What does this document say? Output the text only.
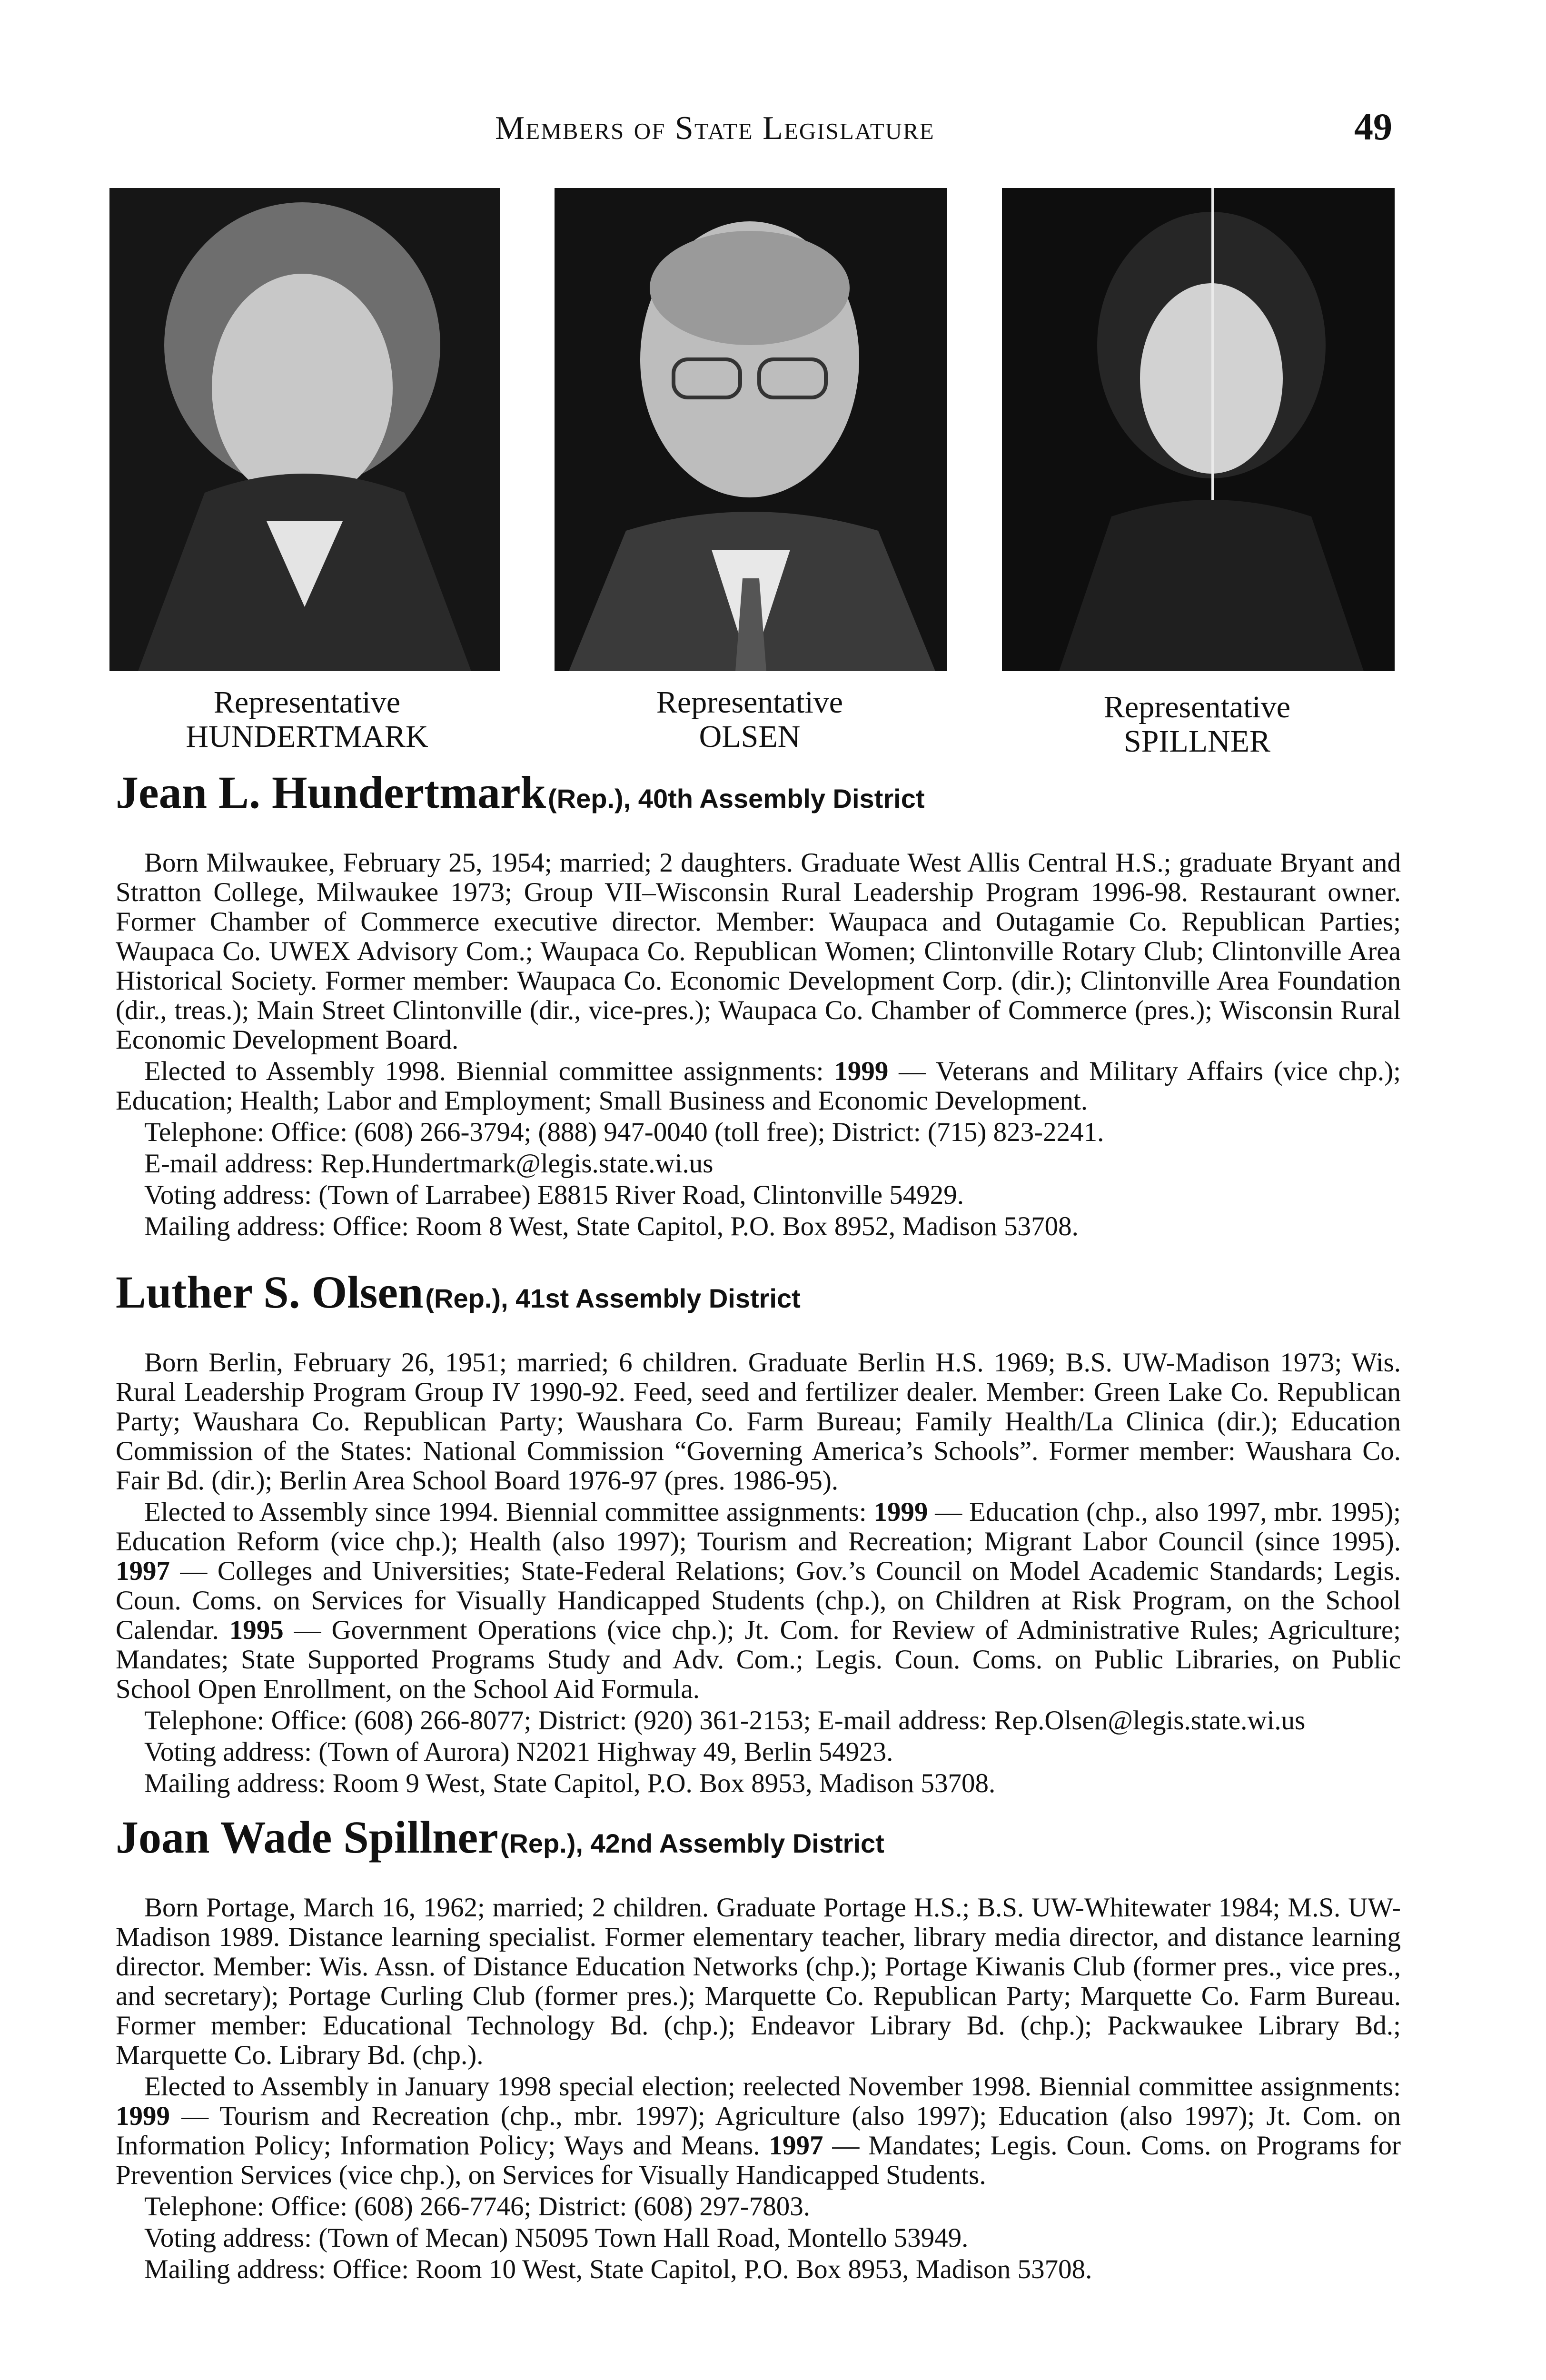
Members of State Legislature	49
Representative
HUNDERTMARK
Representative
OLSEN
Representative
SPILLNER
Jean L. Hundertmark (Rep.), 40th Assembly District

Born Milwaukee, February 25, 1954; married; 2 daughters. Graduate West Allis Central H.S.; graduate Bryant and Stratton College, Milwaukee 1973; Group VII–Wisconsin Rural Leadership Program 1996-98. Restaurant owner. Former Chamber of Commerce executive director. Member: Waupaca and Outagamie Co. Republican Parties; Waupaca Co. UWEX Advisory Com.; Waupaca Co. Republican Women; Clintonville Rotary Club; Clintonville Area Historical Society. Former member: Waupaca Co. Economic Development Corp. (dir.); Clintonville Area Foundation (dir., treas.); Main Street Clintonville (dir., vice-pres.); Waupaca Co. Chamber of Commerce (pres.); Wisconsin Rural Economic Development Board.

Elected to Assembly 1998. Biennial committee assignments: 1999 — Veterans and Military Affairs (vice chp.); Education; Health; Labor and Employment; Small Business and Economic Development.

Telephone: Office: (608) 266-3794; (888) 947-0040 (toll free); District: (715) 823-2241.

E-mail address: Rep.Hundertmark@legis.state.wi.us

Voting address: (Town of Larrabee) E8815 River Road, Clintonville 54929.

Mailing address: Office: Room 8 West, State Capitol, P.O. Box 8952, Madison 53708.

Luther S. Olsen (Rep.), 41st Assembly District

Born Berlin, February 26, 1951; married; 6 children. Graduate Berlin H.S. 1969; B.S. UW-Madison 1973; Wis. Rural Leadership Program Group IV 1990-92. Feed, seed and fertilizer dealer. Member: Green Lake Co. Republican Party; Waushara Co. Republican Party; Waushara Co. Farm Bureau; Family Health/La Clinica (dir.); Education Commission of the States: National Commission “Governing America’s Schools”. Former member: Waushara Co. Fair Bd. (dir.); Berlin Area School Board 1976-97 (pres. 1986-95).

Elected to Assembly since 1994. Biennial committee assignments: 1999 — Education (chp., also 1997, mbr. 1995); Education Reform (vice chp.); Health (also 1997); Tourism and Recreation; Migrant Labor Council (since 1995). 1997 — Colleges and Universities; State-Federal Relations; Gov.’s Council on Model Academic Standards; Legis. Coun. Coms. on Services for Visually Handicapped Students (chp.), on Children at Risk Program, on the School Calendar. 1995 — Government Operations (vice chp.); Jt. Com. for Review of Administrative Rules; Agriculture; Mandates; State Supported Programs Study and Adv. Com.; Legis. Coun. Coms. on Public Libraries, on Public School Open Enrollment, on the School Aid Formula.

Telephone: Office: (608) 266-8077; District: (920) 361-2153; E-mail address: Rep.Olsen@legis.state.wi.us

Voting address: (Town of Aurora) N2021 Highway 49, Berlin 54923.

Mailing address: Room 9 West, State Capitol, P.O. Box 8953, Madison 53708.

Joan Wade Spillner (Rep.), 42nd Assembly District

Born Portage, March 16, 1962; married; 2 children. Graduate Portage H.S.; B.S. UW-Whitewater 1984; M.S. UW-Madison 1989. Distance learning specialist. Former elementary teacher, library media director, and distance learning director. Member: Wis. Assn. of Distance Education Networks (chp.); Portage Kiwanis Club (former pres., vice pres., and secretary); Portage Curling Club (former pres.); Marquette Co. Republican Party; Marquette Co. Farm Bureau. Former member: Educational Technology Bd. (chp.); Endeavor Library Bd. (chp.); Packwaukee Library Bd.; Marquette Co. Library Bd. (chp.).

Elected to Assembly in January 1998 special election; reelected November 1998. Biennial committee assignments: 1999 — Tourism and Recreation (chp., mbr. 1997); Agriculture (also 1997); Education (also 1997); Jt. Com. on Information Policy; Information Policy; Ways and Means. 1997 — Mandates; Legis. Coun. Coms. on Programs for Prevention Services (vice chp.), on Services for Visually Handicapped Students.

Telephone: Office: (608) 266-7746; District: (608) 297-7803.

Voting address: (Town of Mecan) N5095 Town Hall Road, Montello 53949.

Mailing address: Office: Room 10 West, State Capitol, P.O. Box 8953, Madison 53708.
